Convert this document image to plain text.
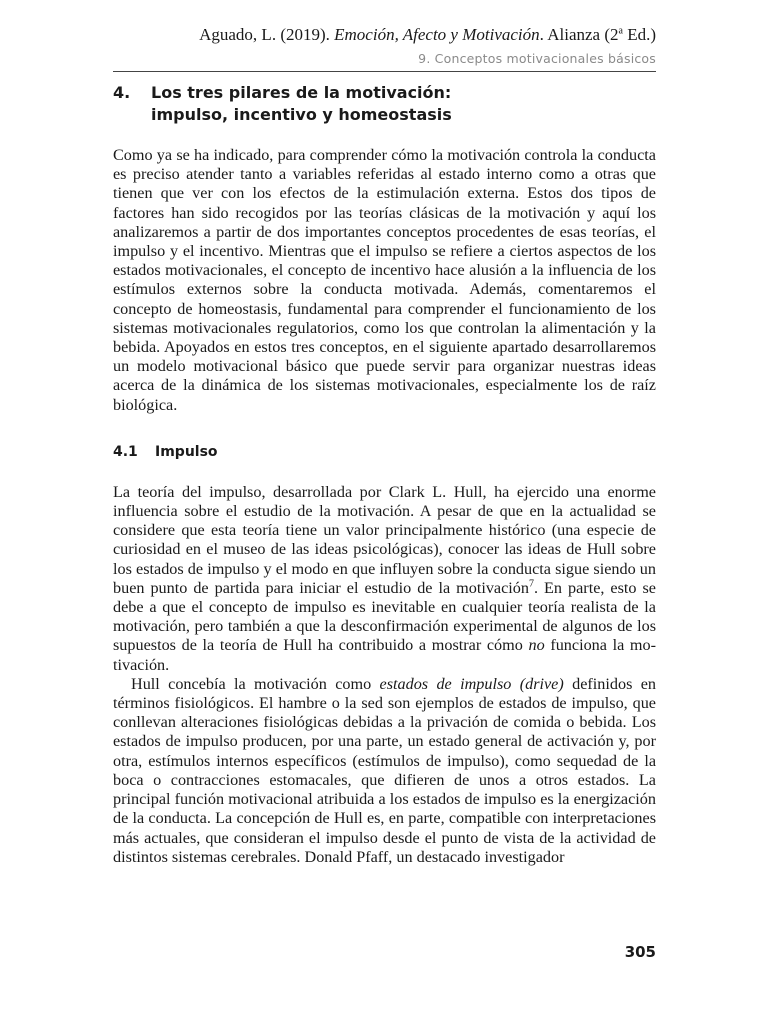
Aguado, L. (2019). Emoción, Afecto y Motivación. Alianza (2$^a$ Ed.)

9. Conceptos motivacionales básicos

4.	Los tres pilares de la motivación:
impulso, incentivo y homeostasis

Como ya se ha indicado, para comprender cómo la motivación controla la conducta es preciso atender tanto a variables referidas al estado interno como a otras que tienen que ver con los efectos de la estimulación externa. Estos dos tipos de factores han sido recogidos por las teorías clásicas de la motivación y aquí los analizaremos a partir de dos importantes conceptos procedentes de esas teorías, el impulso y el incentivo. Mientras que el impulso se refiere a ciertos aspectos de los estados motivacionales, el concepto de incentivo hace alusión a la influencia de los estímulos externos sobre la conducta motivada. Además, comentaremos el concepto de homeostasis, fundamental para comprender el funcionamiento de los sistemas motivacionales regulatorios, como los que controlan la alimentación y la bebida. Apoyados en estos tres conceptos, en el siguiente apartado desarrollaremos un modelo motivacional básico que puede servir para organizar nuestras ideas acerca de la dinámica de los sistemas motivacionales, especialmente los de raíz biológica.

4.1	Impulso

La teoría del impulso, desarrollada por Clark L. Hull, ha ejercido una enorme influencia sobre el estudio de la motivación. A pesar de que en la actualidad se considere que esta teoría tiene un valor principalmente histórico (una especie de curiosidad en el museo de las ideas psicológicas), conocer las ideas de Hull sobre los estados de impulso y el modo en que influyen sobre la conducta sigue siendo un buen punto de partida para iniciar el estudio de la motivación$^7$. En parte, esto se debe a que el concepto de impulso es inevitable en cualquier teoría realista de la motivación, pero también a que la desconfirmación experimental de algunos de los supuestos de la teoría de Hull ha contribuido a mostrar cómo no funciona la motivación.

Hull concebía la motivación como estados de impulso (drive) definidos en términos fisiológicos. El hambre o la sed son ejemplos de estados de impulso, que conllevan alteraciones fisiológicas debidas a la privación de comida o bebida. Los estados de impulso producen, por una parte, un estado general de activación y, por otra, estímulos internos específicos (estímulos de impulso), como sequedad de la boca o contracciones estomacales, que difieren de unos a otros estados. La principal función motivacional atribuida a los estados de impulso es la energización de la conducta. La concepción de Hull es, en parte, compatible con interpretaciones más actuales, que consideran el impulso desde el punto de vista de la actividad de distintos sistemas cerebrales. Donald Pfaff, un destacado investigador

305
